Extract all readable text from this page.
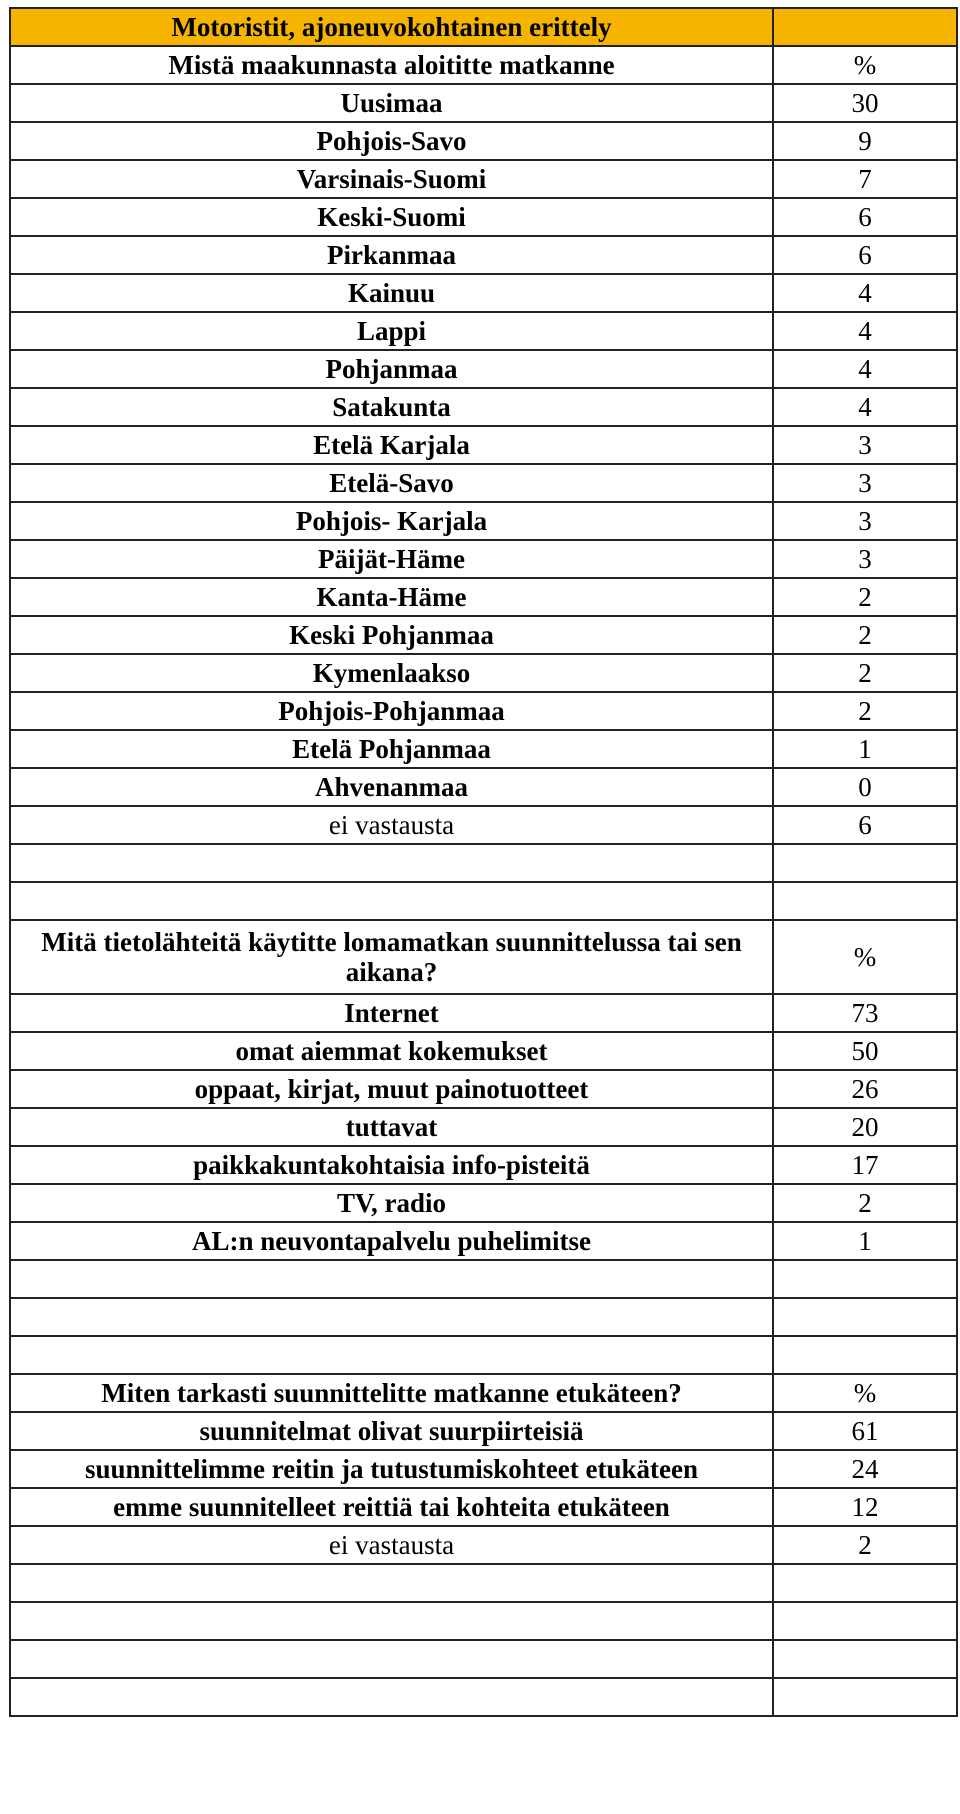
Motoristit, ajoneuvokohtainen erittely	
Mistä maakunnasta aloititte matkanne	%
Uusimaa	30
Pohjois-Savo	9
Varsinais-Suomi	7
Keski-Suomi	6
Pirkanmaa	6
Kainuu	4
Lappi	4
Pohjanmaa	4
Satakunta	4
Etelä Karjala	3
Etelä-Savo	3
Pohjois- Karjala	3
Päijät-Häme	3
Kanta-Häme	2
Keski Pohjanmaa	2
Kymenlaakso	2
Pohjois-Pohjanmaa	2
Etelä Pohjanmaa	1
Ahvenanmaa	0
ei vastausta	6

Mitä tietolähteitä käytitte lomamatkan suunnittelussa tai sen aikana?	%
Internet	73
omat aiemmat kokemukset	50
oppaat, kirjat, muut painotuotteet	26
tuttavat	20
paikkakuntakohtaisia info-pisteitä	17
TV, radio	2
AL:n neuvontapalvelu puhelimitse	1

Miten tarkasti suunnittelitte matkanne etukäteen?	%
suunnitelmat olivat suurpiirteisiä	61
suunnittelimme reitin ja tutustumiskohteet etukäteen	24
emme suunnitelleet reittiä tai kohteita etukäteen	12
ei vastausta	2
